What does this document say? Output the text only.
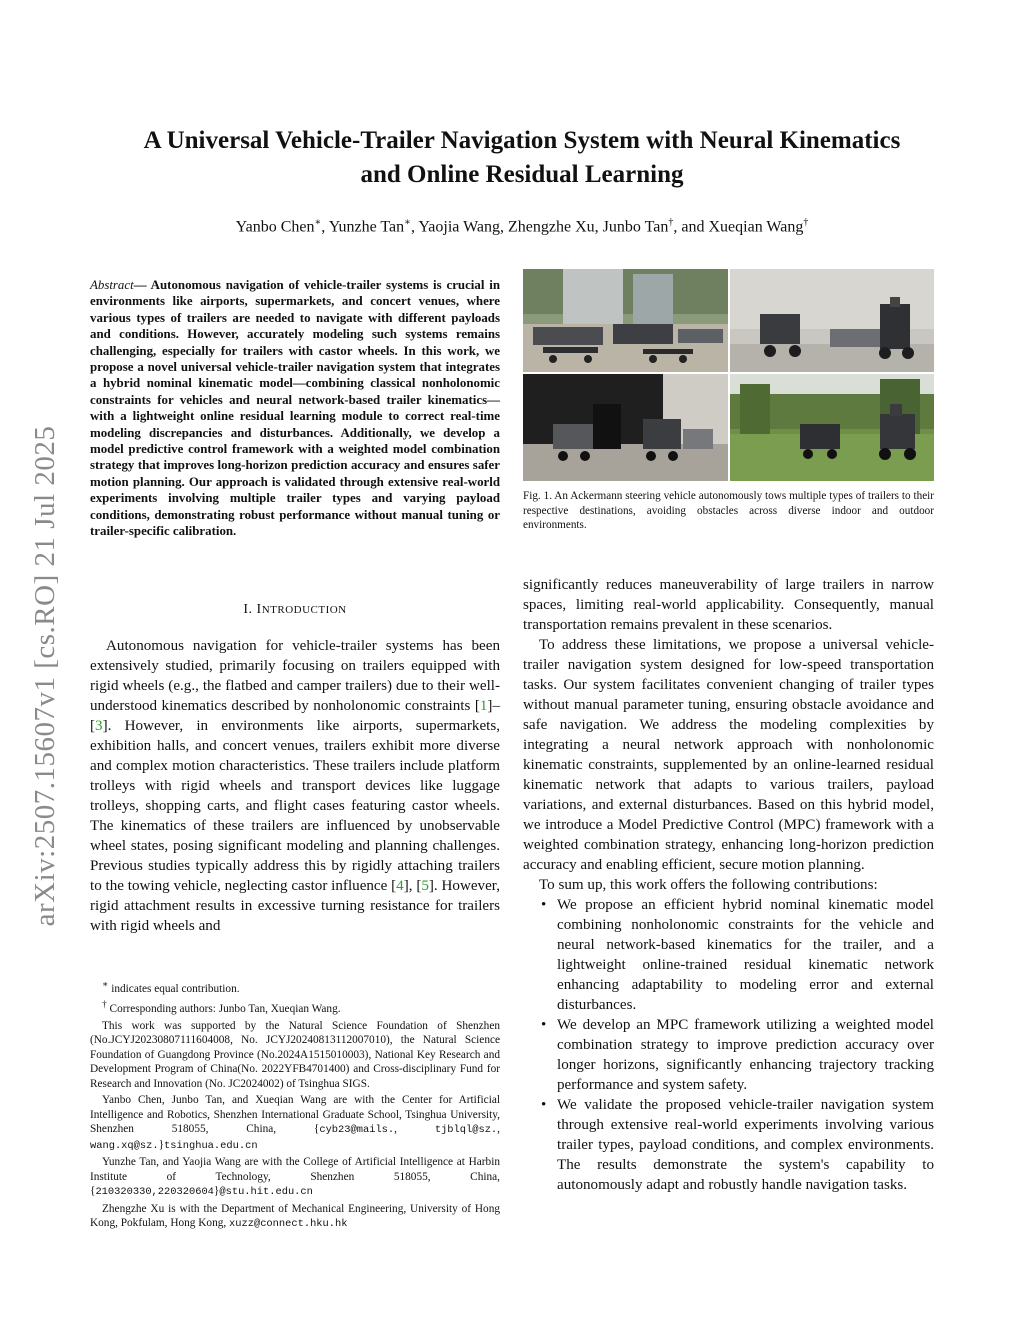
arXiv:2507.15607v1 [cs.RO] 21 Jul 2025
A Universal Vehicle-Trailer Navigation System with Neural Kinematics
and Online Residual Learning
Yanbo Chen∗, Yunzhe Tan∗, Yaojia Wang, Zhengzhe Xu, Junbo Tan†, and Xueqian Wang†
Abstract— Autonomous navigation of vehicle-trailer systems is crucial in environments like airports, supermarkets, and concert venues, where various types of trailers are needed to navigate with different payloads and conditions. However, accurately modeling such systems remains challenging, especially for trailers with castor wheels. In this work, we propose a novel universal vehicle-trailer navigation system that integrates a hybrid nominal kinematic model—combining classical nonholonomic constraints for vehicles and neural network-based trailer kinematics—with a lightweight online residual learning module to correct real-time modeling discrepancies and disturbances. Additionally, we develop a model predictive control framework with a weighted model combination strategy that improves long-horizon prediction accuracy and ensures safer motion planning. Our approach is validated through extensive real-world experiments involving multiple trailer types and varying payload conditions, demonstrating robust performance without manual tuning or trailer-specific calibration.
I. INTRODUCTION

Autonomous navigation for vehicle-trailer systems has been extensively studied, primarily focusing on trailers equipped with rigid wheels (e.g., the flatbed and camper trailers) due to their well-understood kinematics described by nonholonomic constraints [1]–[3]. However, in environments like airports, supermarkets, exhibition halls, and concert venues, trailers exhibit more diverse and complex motion characteristics. These trailers include platform trolleys with rigid wheels and transport devices like luggage trolleys, shopping carts, and flight cases featuring castor wheels. The kinematics of these trailers are influenced by unobservable wheel states, posing significant modeling and planning challenges. Previous studies typically address this by rigidly attaching trailers to the towing vehicle, neglecting castor influence [4], [5]. However, rigid attachment results in excessive turning resistance for trailers with rigid wheels and

∗ indicates equal contribution.

† Corresponding authors: Junbo Tan, Xueqian Wang.

This work was supported by the Natural Science Foundation of Shenzhen (No.JCYJ20230807111604008, No. JCYJ20240813112007010), the Natural Science Foundation of Guangdong Province (No.2024A1515010003), National Key Research and Development Program of China(No. 2022YFB4701400) and Cross-disciplinary Fund for Research and Innovation (No. JC2024002) of Tsinghua SIGS.

Yanbo Chen, Junbo Tan, and Xueqian Wang are with the Center for Artificial Intelligence and Robotics, Shenzhen International Graduate School, Tsinghua University, Shenzhen 518055, China, {cyb23@mails., tjblql@sz., wang.xq@sz.}tsinghua.edu.cn

Yunzhe Tan, and Yaojia Wang are with the College of Artificial Intelligence at Harbin Institute of Technology, Shenzhen 518055, China, {210320330,220320604}@stu.hit.edu.cn

Zhengzhe Xu is with the Department of Mechanical Engineering, University of Hong Kong, Pokfulam, Hong Kong, xuzz@connect.hku.hk

Fig. 1. An Ackermann steering vehicle autonomously tows multiple types of trailers to their respective destinations, avoiding obstacles across diverse indoor and outdoor environments.

significantly reduces maneuverability of large trailers in narrow spaces, limiting real-world applicability. Consequently, manual transportation remains prevalent in these scenarios.

To address these limitations, we propose a universal vehicle-trailer navigation system designed for low-speed transportation tasks. Our system facilitates convenient changing of trailer types without manual parameter tuning, ensuring obstacle avoidance and safe navigation. We address the modeling complexities by integrating a neural network approach with nonholonomic kinematic constraints, supplemented by an online-learned residual kinematic network that adapts to various trailers, payload variations, and external disturbances. Based on this hybrid model, we introduce a Model Predictive Control (MPC) framework with a weighted combination strategy, enhancing long-horizon prediction accuracy and enabling efficient, secure motion planning.

To sum up, this work offers the following contributions:

• We propose an efficient hybrid nominal kinematic model combining nonholonomic constraints for the vehicle and neural network-based kinematics for the trailer, and a lightweight online-trained residual kinematic network enhancing adaptability to modeling error and external disturbances.
• We develop an MPC framework utilizing a weighted model combination strategy to improve prediction accuracy over longer horizons, significantly enhancing trajectory tracking performance and system safety.
• We validate the proposed vehicle-trailer navigation system through extensive real-world experiments involving various trailer types, payload conditions, and complex environments. The results demonstrate the system's capability to autonomously adapt and robustly handle navigation tasks.
